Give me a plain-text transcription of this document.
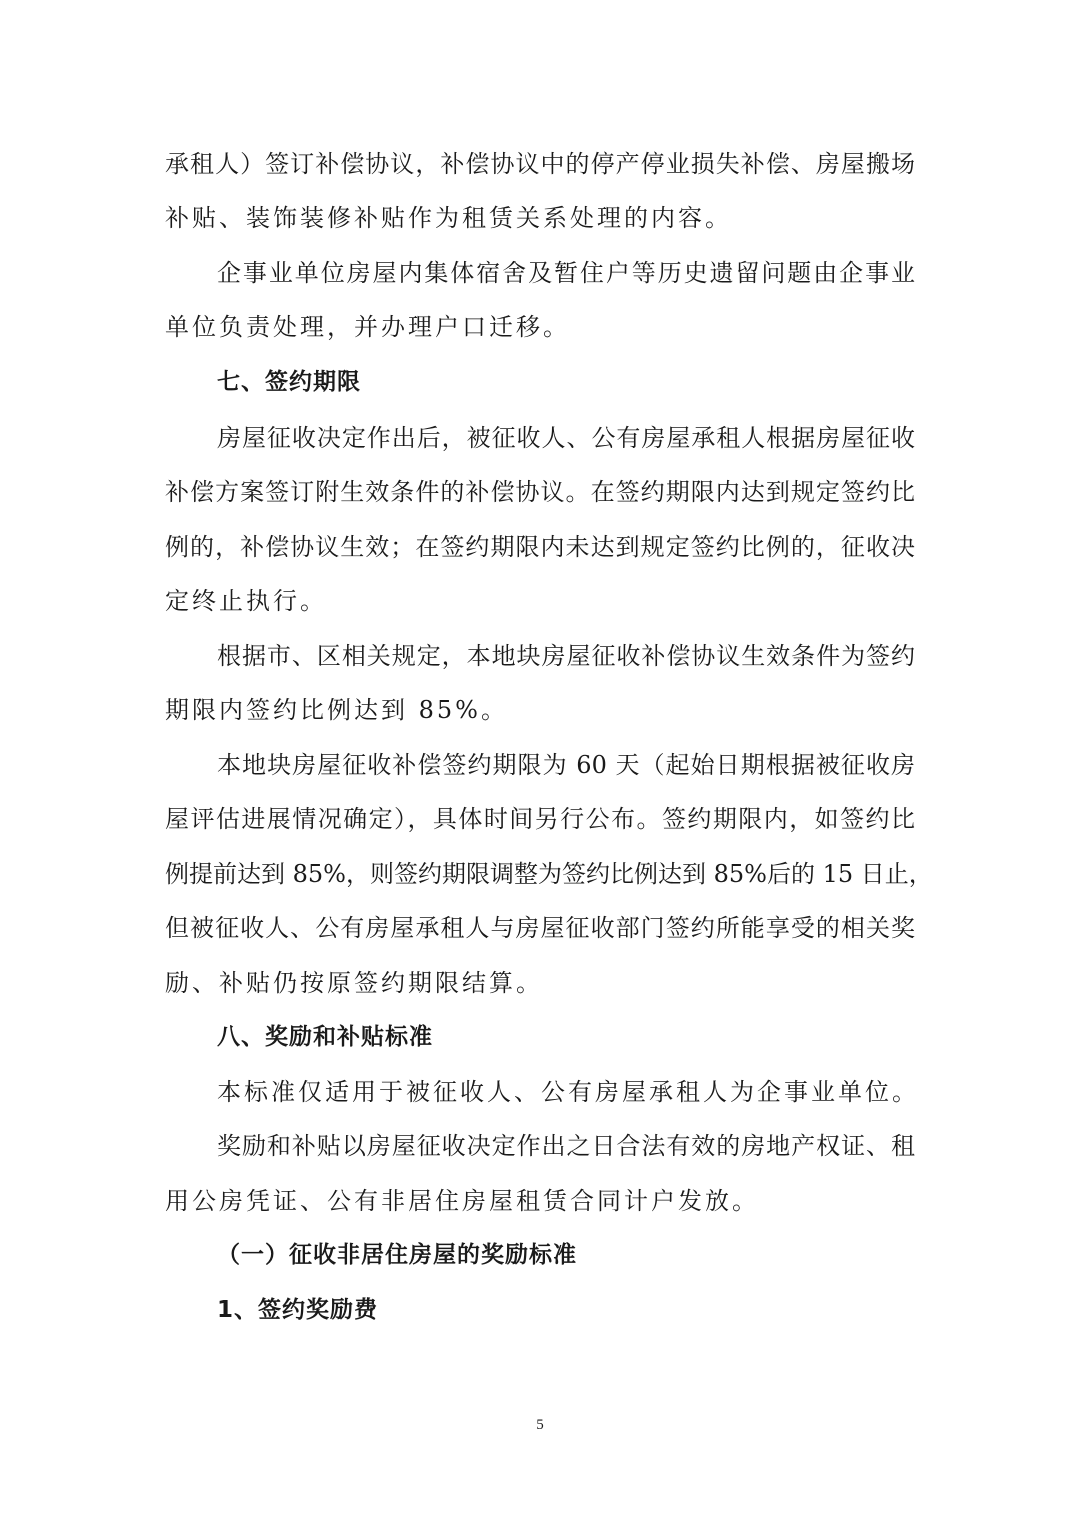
承租人）签订补偿协议，补偿协议中的停产停业损失补偿、房屋搬场
补贴、装饰装修补贴作为租赁关系处理的内容。
企事业单位房屋内集体宿舍及暂住户等历史遗留问题由企事业
单位负责处理，并办理户口迁移。
七、签约期限
房屋征收决定作出后，被征收人、公有房屋承租人根据房屋征收
补偿方案签订附生效条件的补偿协议。在签约期限内达到规定签约比
例的，补偿协议生效；在签约期限内未达到规定签约比例的，征收决
定终止执行。
根据市、区相关规定，本地块房屋征收补偿协议生效条件为签约
期限内签约比例达到 85%。
本地块房屋征收补偿签约期限为 60 天（起始日期根据被征收房
屋评估进展情况确定），具体时间另行公布。签约期限内，如签约比
例提前达到 85%，则签约期限调整为签约比例达到 85%后的 15 日止，
但被征收人、公有房屋承租人与房屋征收部门签约所能享受的相关奖
励、补贴仍按原签约期限结算。
八、奖励和补贴标准
本标准仅适用于被征收人、公有房屋承租人为企事业单位。
奖励和补贴以房屋征收决定作出之日合法有效的房地产权证、租
用公房凭证、公有非居住房屋租赁合同计户发放。
（一）征收非居住房屋的奖励标准
1、签约奖励费
5
